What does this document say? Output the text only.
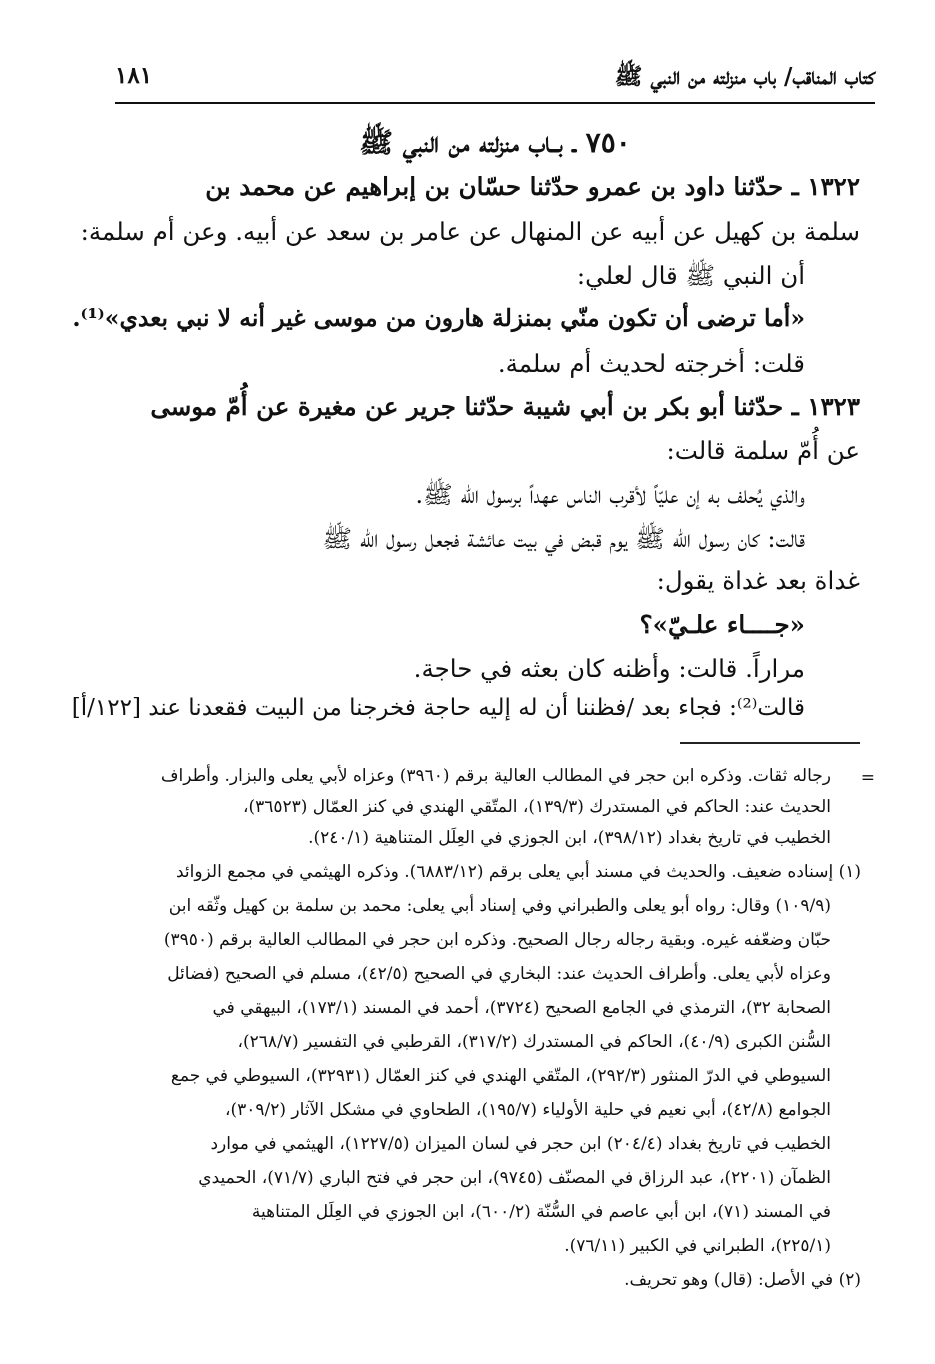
كتاب المناقب/ باب منزلته من النبي ﷺ
١٨١
٧٥٠ ـ بــاب منزلته من النبي ﷺ
١٣٢٢ ـ حدّثنا داود بن عمرو حدّثنا حسّان بن إبراهيم عن محمد بن
سلمة بن كهيل عن أبيه عن المنهال عن عامر بن سعد عن أبيه. وعن أم سلمة:
أن النبي ﷺ قال لعلي:
«أما ترضى أن تكون منّي بمنزلة هارون من موسى غير أنه لا نبي بعدي»⁽¹⁾.
قلت: أخرجته لحديث أم سلمة.
١٣٢٣ ـ حدّثنا أبو بكر بن أبي شيبة حدّثنا جرير عن مغيرة عن أُمّ موسى
عن أُمّ سلمة قالت:
والذي يُحلف به إن عليّاً لأقرب الناس عهداً برسول الله ﷺ.
قالت: كان رسول الله ﷺ يوم قبض في بيت عائشة فجعل رسول الله ﷺ
غداة بعد غداة يقول:
«جــــاء علـيّ»؟
مراراً. قالت: وأظنه كان بعثه في حاجة.
قالت⁽²⁾: فجاء بعد /فظننا أن له إليه حاجة فخرجنا من البيت فقعدنا عند [١٢٢/أ]
=
رجاله ثقات. وذكره ابن حجر في المطالب العالية برقم (٣٩٦٠) وعزاه لأبي يعلى والبزار. وأطراف
الحديث عند: الحاكم في المستدرك (١٣٩/٣)، المتّقي الهندي في كنز العمّال (٣٦٥٢٣)،
الخطيب في تاريخ بغداد (٣٩٨/١٢)، ابن الجوزي في العِلَل المتناهية (٢٤٠/١).
(١) إسناده ضعيف. والحديث في مسند أبي يعلى برقم (٦٨٨٣/١٢). وذكره الهيثمي في مجمع الزوائد
(١٠٩/٩) وقال: رواه أبو يعلى والطبراني وفي إسناد أبي يعلى: محمد بن سلمة بن كهيل وثّقه ابن
حبّان وضعّفه غيره. وبقية رجاله رجال الصحيح. وذكره ابن حجر في المطالب العالية برقم (٣٩٥٠)
وعزاه لأبي يعلى. وأطراف الحديث عند: البخاري في الصحيح (٤٢/٥)، مسلم في الصحيح (فضائل
الصحابة ٣٢)، الترمذي في الجامع الصحيح (٣٧٢٤)، أحمد في المسند (١٧٣/١)، البيهقي في
السُّنن الكبرى (٤٠/٩)، الحاكم في المستدرك (٣١٧/٢)، القرطبي في التفسير (٢٦٨/٧)،
السيوطي في الدرّ المنثور (٢٩٢/٣)، المتّقي الهندي في كنز العمّال (٣٢٩٣١)، السيوطي في جمع
الجوامع (٤٢/٨)، أبي نعيم في حلية الأولياء (١٩٥/٧)، الطحاوي في مشكل الآثار (٣٠٩/٢)،
الخطيب في تاريخ بغداد (٢٠٤/٤) ابن حجر في لسان الميزان (١٢٢٧/٥)، الهيثمي في موارد
الظمآن (٢٢٠١)، عبد الرزاق في المصنّف (٩٧٤٥)، ابن حجر في فتح الباري (٧١/٧)، الحميدي
في المسند (٧١)، ابن أبي عاصم في السُّنّة (٦٠٠/٢)، ابن الجوزي في العِلَل المتناهية
(٢٢٥/١)، الطبراني في الكبير (٧٦/١١).
(٢) في الأصل: (قال) وهو تحريف.
